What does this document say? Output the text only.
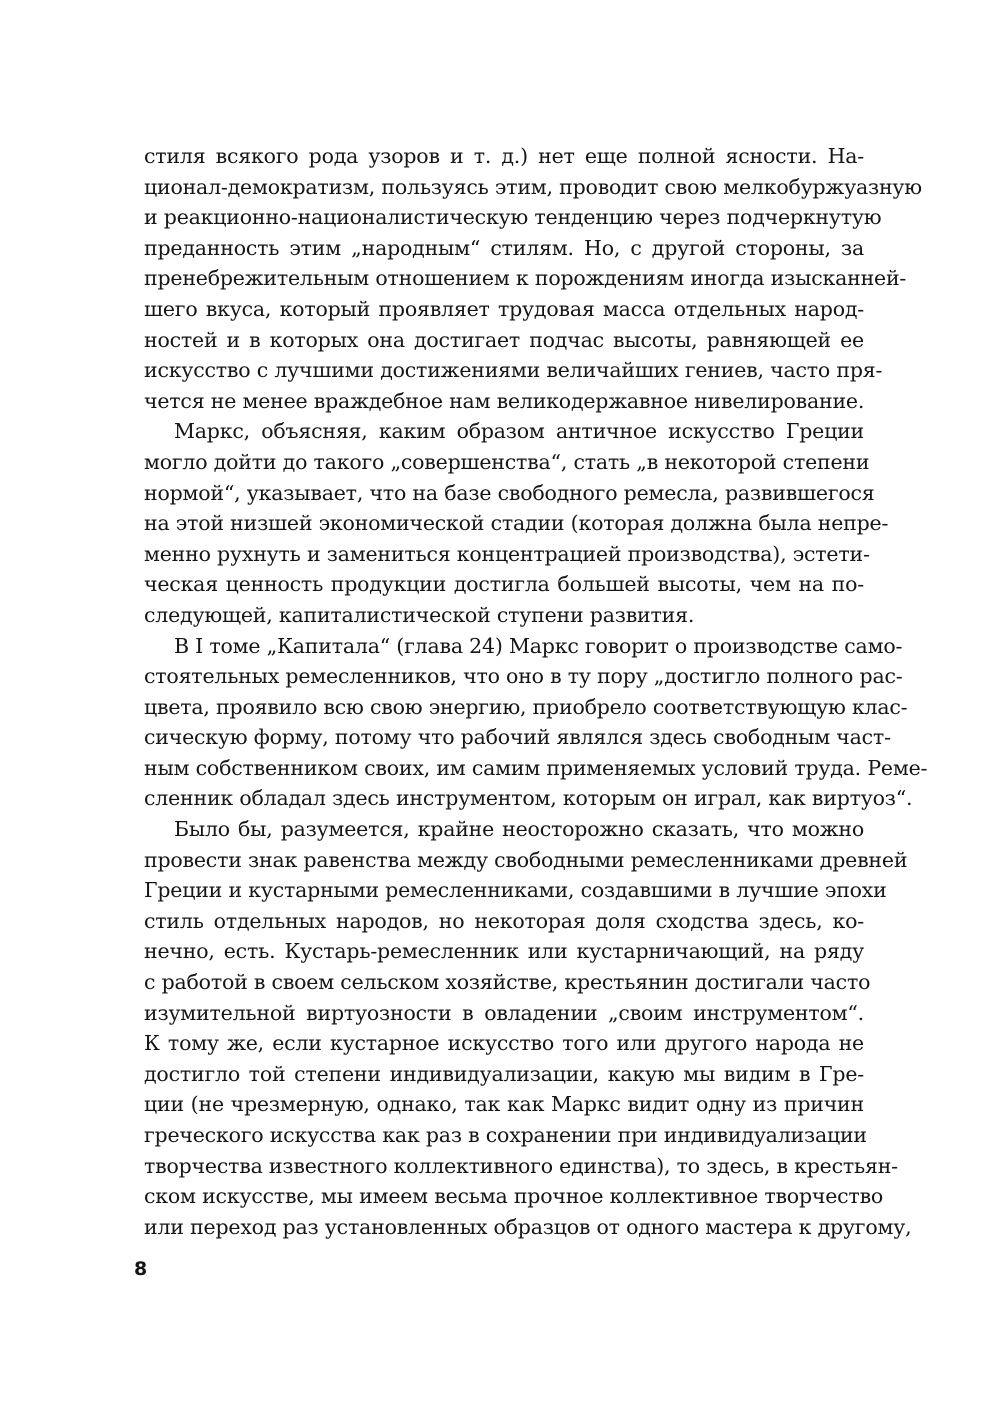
стиля всякого рода узоров и т. д.) нет еще полной ясности. На-
ционал-демократизм, пользуясь этим, проводит свою мелкобуржуазную
и реакционно-националистическую тенденцию через подчеркнутую
преданность этим „народным“ стилям. Но, с другой стороны, за
пренебрежительным отношением к порождениям иногда изысканней-
шего вкуса, который проявляет трудовая масса отдельных народ-
ностей и в которых она достигает подчас высоты, равняющей ее
искусство с лучшими достижениями величайших гениев, часто пря-
чется не менее враждебное нам великодержавное нивелирование.
Маркс, объясняя, каким образом античное искусство Греции
могло дойти до такого „совершенства“, стать „в некоторой степени
нормой“, указывает, что на базе свободного ремесла, развившегося
на этой низшей экономической стадии (которая должна была непре-
менно рухнуть и замениться концентрацией производства), эстети-
ческая ценность продукции достигла большей высоты, чем на по-
следующей, капиталистической ступени развития.
В I томе „Капитала“ (глава 24) Маркс говорит о производстве само-
стоятельных ремесленников, что оно в ту пору „достигло полного рас-
цвета, проявило всю свою энергию, приобрело соответствующую клас-
сическую форму, потому что рабочий являлся здесь свободным част-
ным собственником своих, им самим применяемых условий труда. Реме-
сленник обладал здесь инструментом, которым он играл, как виртуоз“.
Было бы, разумеется, крайне неосторожно сказать, что можно
провести знак равенства между свободными ремесленниками древней
Греции и кустарными ремесленниками, создавшими в лучшие эпохи
стиль отдельных народов, но некоторая доля сходства здесь, ко-
нечно, есть. Кустарь-ремесленник или кустарничающий, на ряду
с работой в своем сельском хозяйстве, крестьянин достигали часто
изумительной виртуозности в овладении „своим инструментом“.
К тому же, если кустарное искусство того или другого народа не
достигло той степени индивидуализации, какую мы видим в Гре-
ции (не чрезмерную, однако, так как Маркс видит одну из причин
греческого искусства как раз в сохранении при индивидуализации
творчества известного коллективного единства), то здесь, в крестьян-
ском искусстве, мы имеем весьма прочное коллективное творчество
или переход раз установленных образцов от одного мастера к другому,
8
